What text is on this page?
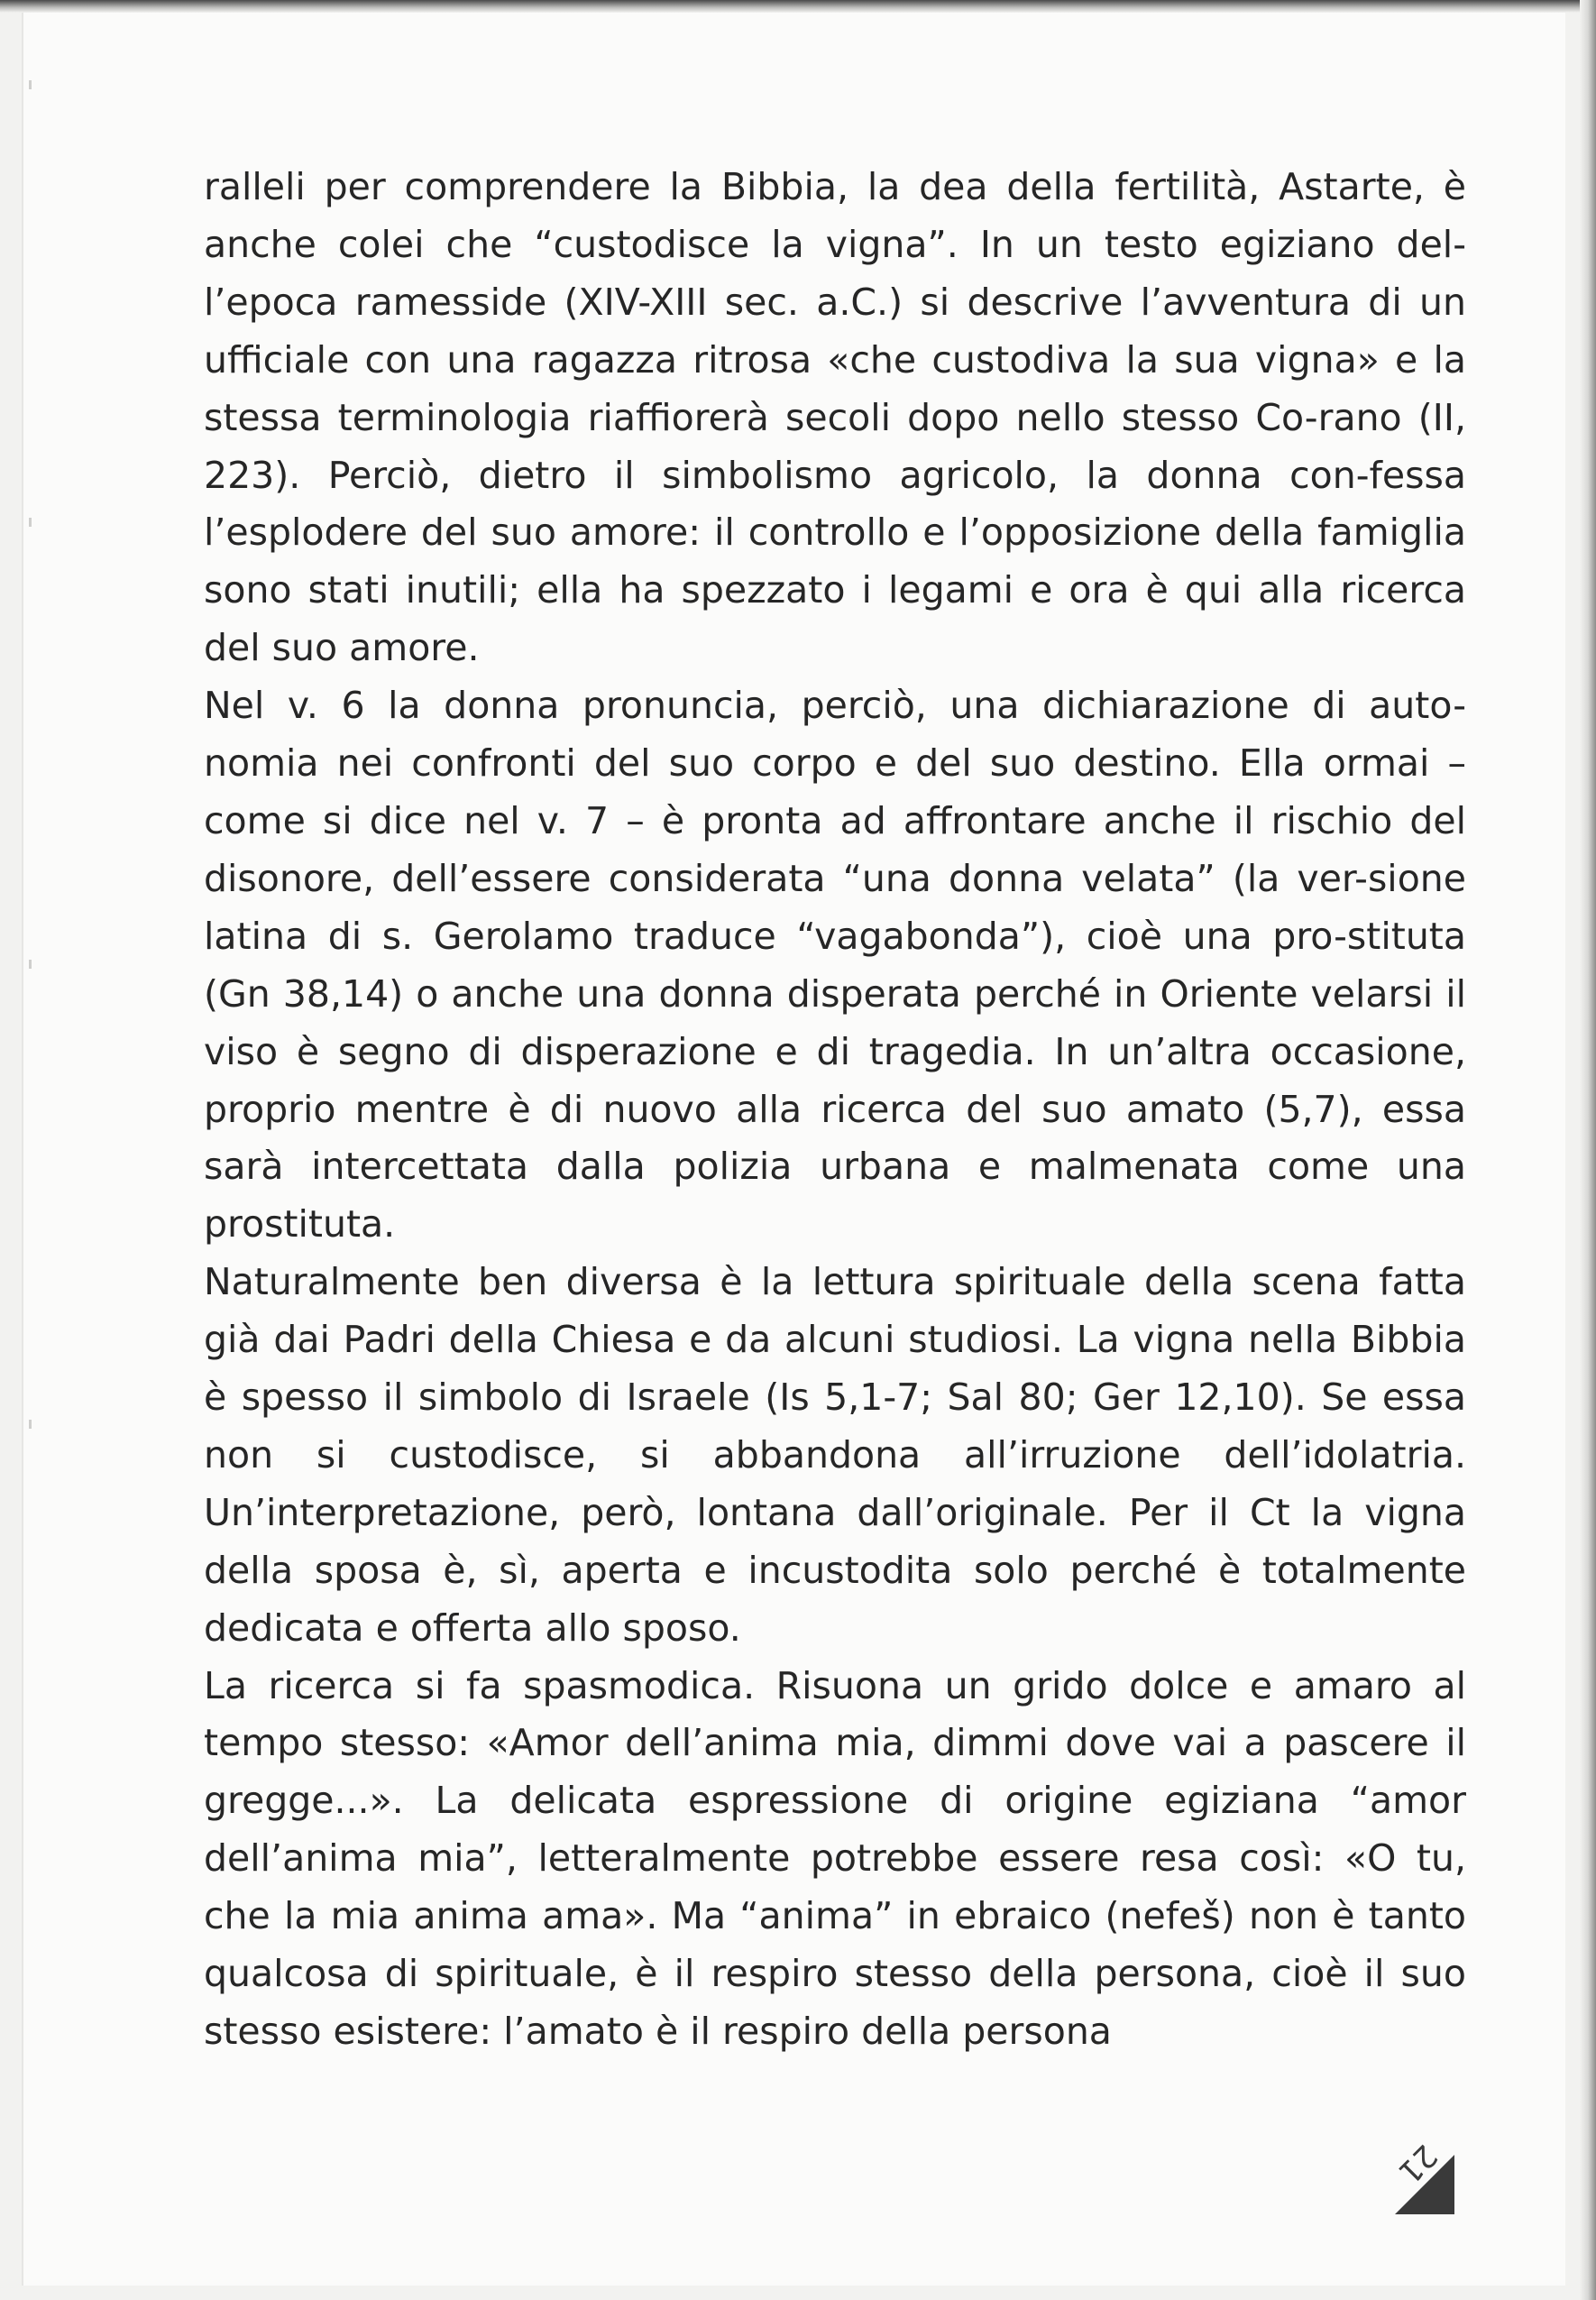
ralleli per comprendere la Bibbia, la dea della fertilità, Astarte, è anche colei che “custodisce la vigna”. In un testo egiziano del-l’epoca ramesside (XIV-XIII sec. a.C.) si descrive l’avventura di un ufficiale con una ragazza ritrosa «che custodiva la sua vigna» e la stessa terminologia riaffiorerà secoli dopo nello stesso Co-rano (II, 223). Perciò, dietro il simbolismo agricolo, la donna con-fessa l’esplodere del suo amore: il controllo e l’opposizione della famiglia sono stati inutili; ella ha spezzato i legami e ora è qui alla ricerca del suo amore.

Nel v. 6 la donna pronuncia, perciò, una dichiarazione di auto-nomia nei confronti del suo corpo e del suo destino. Ella ormai – come si dice nel v. 7 – è pronta ad affrontare anche il rischio del disonore, dell’essere considerata “una donna velata” (la ver-sione latina di s. Gerolamo traduce “vagabonda”), cioè una pro-stituta (Gn 38,14) o anche una donna disperata perché in Oriente velarsi il viso è segno di disperazione e di tragedia. In un’altra occasione, proprio mentre è di nuovo alla ricerca del suo amato (5,7), essa sarà intercettata dalla polizia urbana e malmenata come una prostituta.

Naturalmente ben diversa è la lettura spirituale della scena fatta già dai Padri della Chiesa e da alcuni studiosi. La vigna nella Bibbia è spesso il simbolo di Israele (Is 5,1-7; Sal 80; Ger 12,10). Se essa non si custodisce, si abbandona all’irruzione dell’idolatria. Un’interpretazione, però, lontana dall’originale. Per il Ct la vigna della sposa è, sì, aperta e incustodita solo perché è totalmente dedicata e offerta allo sposo.

La ricerca si fa spasmodica. Risuona un grido dolce e amaro al tempo stesso: «Amor dell’anima mia, dimmi dove vai a pascere il gregge...». La delicata espressione di origine egiziana “amor dell’anima mia”, letteralmente potrebbe essere resa così: «O tu, che la mia anima ama». Ma “anima” in ebraico (nefeš) non è tanto qualcosa di spirituale, è il respiro stesso della persona, cioè il suo stesso esistere: l’amato è il respiro della persona

21
